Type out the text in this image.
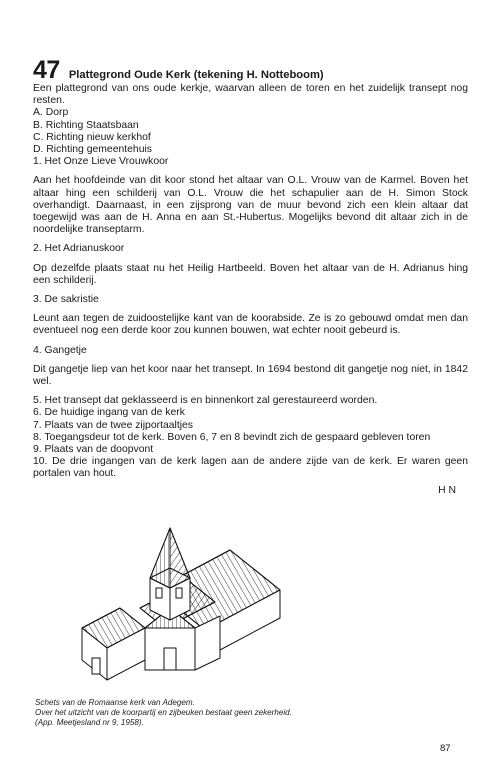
47 Plattegrond Oude Kerk (tekening H. Notteboom)
Een plattegrond van ons oude kerkje, waarvan alleen de toren en het zuidelijk transept nog resten.
A. Dorp
B. Richting Staatsbaan
C. Richting nieuw kerkhof
D. Richting gemeentehuis
1. Het Onze Lieve Vrouwkoor
Aan het hoofdeinde van dit koor stond het altaar van O.L. Vrouw van de Karmel. Boven het altaar hing een schilderij van O.L. Vrouw die het schapulier aan de H. Simon Stock overhandigt. Daarnaast, in een zijsprong van de muur bevond zich een klein altaar dat toegewijd was aan de H. Anna en aan St.-Hubertus. Mogelijks bevond dit altaar zich in de noordelijke transeptarm.
2. Het Adrianuskoor
Op dezelfde plaats staat nu het Heilig Hartbeeld. Boven het altaar van de H. Adrianus hing een schilderij.
3. De sakristie
Leunt aan tegen de zuidoostelijke kant van de koorabside. Ze is zo gebouwd omdat men dan eventueel nog een derde koor zou kunnen bouwen, wat echter nooit gebeurd is.
4. Gangetje
Dit gangetje liep van het koor naar het transept. In 1694 bestond dit gangetje nog niet, in 1842 wel.
5. Het transept dat geklasseerd is en binnenkort zal gerestaureerd worden.
6. De huidige ingang van de kerk
7. Plaats van de twee zijportaaltjes
8. Toegangsdeur tot de kerk. Boven 6, 7 en 8 bevindt zich de gespaard gebleven toren
9. Plaats van de doopvont
10. De drie ingangen van de kerk lagen aan de andere zijde van de kerk. Er waren geen portalen van hout.
H N
Schets van de Romaanse kerk van Adegem.
Over het uitzicht van de koorpartij en zijbeuken bestaat geen zekerheid.
(App. Meetjesland nr 9, 1958).
87
